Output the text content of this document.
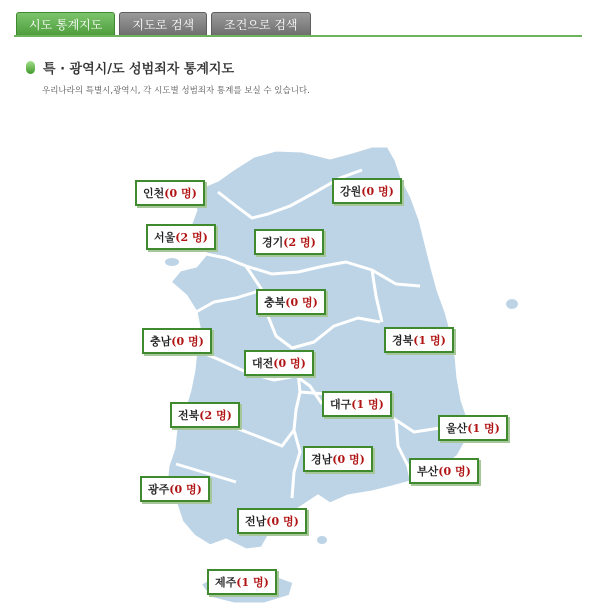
시도 통계지도	지도로 검색	조건으로 검색
특 · 광역시/도 성범죄자 통계지도
우리나라의 특별시,광역시, 각 시도별 성범죄자 통계를 보실 수 있습니다.
인천(0 명)	강원(0 명)
서울(2 명)	경기(2 명)
충북(0 명)
충남(0 명)	경북(1 명)
대전(0 명)
대구(1 명)
전북(2 명)
울산(1 명)
경남(0 명)
부산(0 명)
광주(0 명)
전남(0 명)
제주(1 명)
